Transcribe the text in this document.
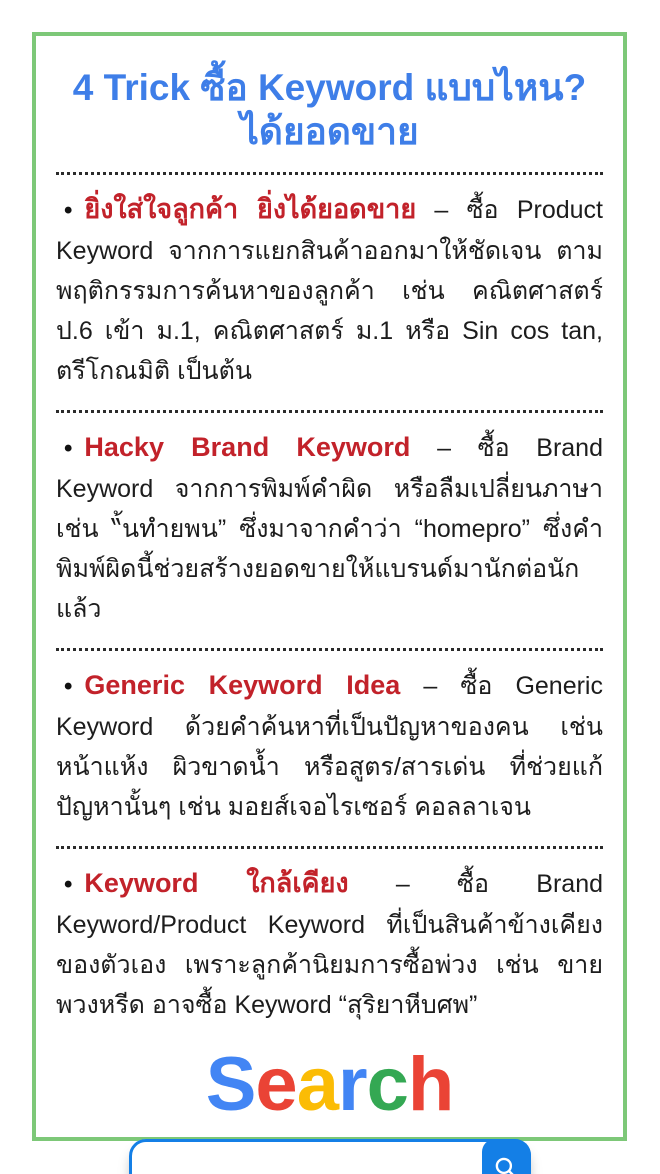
4 Trick ซื้อ Keyword แบบไหน?
ได้ยอดขาย

• ยิ่งใส่ใจลูกค้า ยิ่งได้ยอดขาย – ซื้อ Product Keyword จากการแยกสินค้าออกมาให้ชัดเจน ตามพฤติกรรมการค้นหาของลูกค้า เช่น คณิตศาสตร์ ป.6 เข้า ม.1, คณิตศาสตร์ ม.1 หรือ Sin cos tan, ตรีโกณมิติ เป็นต้น

• Hacky Brand Keyword – ซื้อ Brand Keyword จากการพิมพ์คำผิด หรือลืมเปลี่ยนภาษา เช่น “้นทำยพน” ซึ่งมาจากคำว่า “homepro” ซึ่งคำพิมพ์ผิดนี้ช่วยสร้างยอดขายให้แบรนด์มานักต่อนักแล้ว

• Generic Keyword Idea – ซื้อ Generic Keyword ด้วยคำค้นหาที่เป็นปัญหาของคน เช่น หน้าแห้ง ผิวขาดน้ำ หรือสูตร/สารเด่น ที่ช่วยแก้ปัญหานั้นๆ เช่น มอยส์เจอไรเซอร์ คอลลาเจน

• Keyword ใกล้เคียง – ซื้อ Brand Keyword/Product Keyword ที่เป็นสินค้าข้างเคียงของตัวเอง เพราะลูกค้านิยมการซื้อพ่วง เช่น ขายพวงหรีด อาจซื้อ Keyword “สุริยาหีบศพ”

Search
